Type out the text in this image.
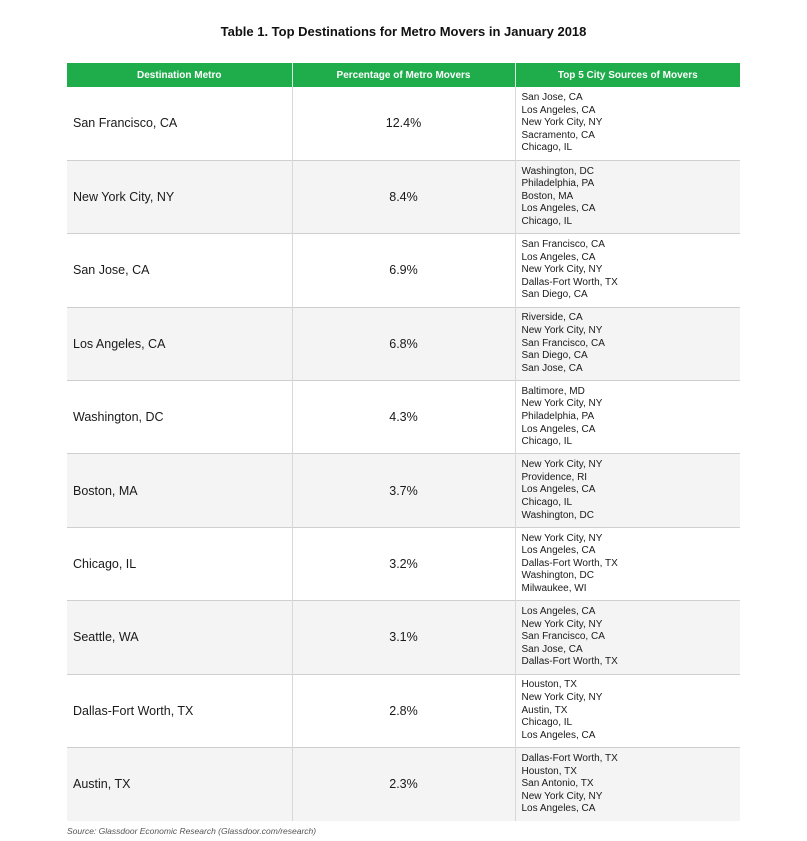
Table 1. Top Destinations for Metro Movers in January 2018
Destination Metro	Percentage of Metro Movers	Top 5 City Sources of Movers
San Francisco, CA	12.4%	San Jose, CA
Los Angeles, CA
New York City, NY
Sacramento, CA
Chicago, IL

New York City, NY	8.4%	Washington, DC
Philadelphia, PA
Boston, MA
Los Angeles, CA
Chicago, IL

San Jose, CA	6.9%	San Francisco, CA
Los Angeles, CA
New York City, NY
Dallas-Fort Worth, TX
San Diego, CA

Los Angeles, CA	6.8%	Riverside, CA
New York City, NY
San Francisco, CA
San Diego, CA
San Jose, CA

Washington, DC	4.3%	Baltimore, MD
New York City, NY
Philadelphia, PA
Los Angeles, CA
Chicago, IL

Boston, MA	3.7%	New York City, NY
Providence, RI
Los Angeles, CA
Chicago, IL
Washington, DC

Chicago, IL	3.2%	New York City, NY
Los Angeles, CA
Dallas-Fort Worth, TX
Washington, DC
Milwaukee, WI

Seattle, WA	3.1%	Los Angeles, CA
New York City, NY
San Francisco, CA
San Jose, CA
Dallas-Fort Worth, TX

Dallas-Fort Worth, TX	2.8%	Houston, TX
New York City, NY
Austin, TX
Chicago, IL
Los Angeles, CA

Austin, TX	2.3%	Dallas-Fort Worth, TX
Houston, TX
San Antonio, TX
New York City, NY
Los Angeles, CA
Source: Glassdoor Economic Research (Glassdoor.com/research)
